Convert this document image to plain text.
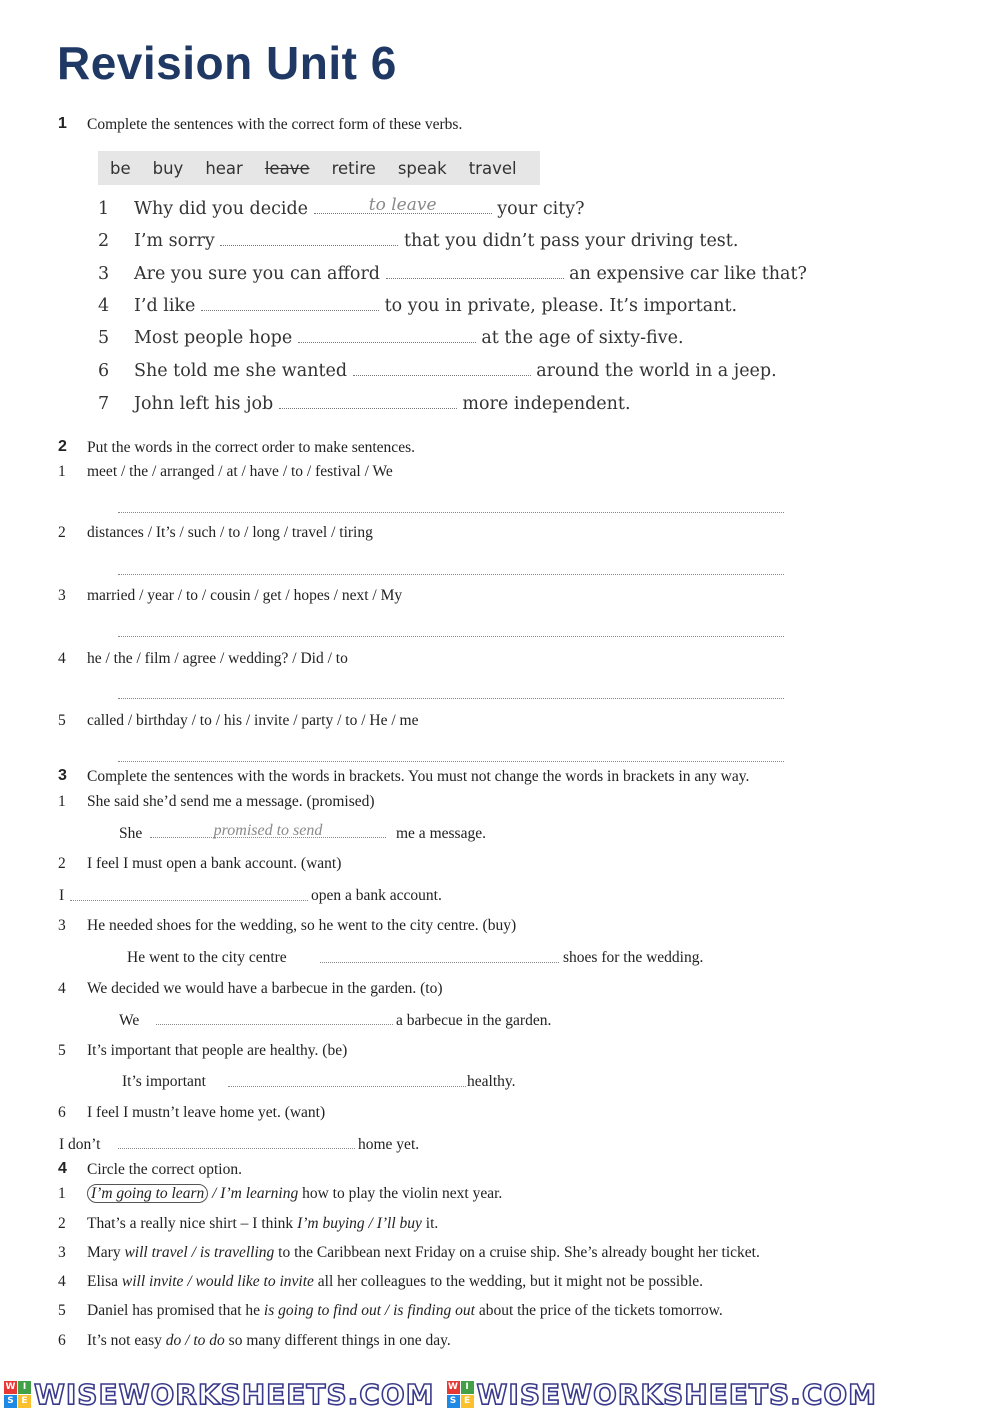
Revision Unit 6
1 Complete the sentences with the correct form of these verbs.
be buy hear leave retire speak travel
1 Why did you decide	to leave	your city?
2 I’m sorry	that you didn’t pass your driving test.
3 Are you sure you can afford	an expensive car like that?
4 I’d like	to you in private, please. It’s important.
5 Most people hope	at the age of sixty-five.
6 She told me she wanted	around the world in a jeep.
7 John left his job	more independent.
2 Put the words in the correct order to make sentences.
1 meet / the / arranged / at / have / to / festival / We
2 distances / It’s / such / to / long / travel / tiring
3 married / year / to / cousin / get / hopes / next / My
4 he / the / film / agree / wedding? / Did / to
5 called / birthday / to / his / invite / party / to / He / me
3 Complete the sentences with the words in brackets. You must not change the words in brackets in any way.
1 She said she’d send me a message. (promised)
She	promised to send	me a message.
2 I feel I must open a bank account. (want)
I	open a bank account.
3 He needed shoes for the wedding, so he went to the city centre. (buy)
He went to the city centre	shoes for the wedding.
4 We decided we would have a barbecue in the garden. (to)
We	a barbecue in the garden.
5 It’s important that people are healthy. (be)
It’s important	healthy.
6 I feel I mustn’t leave home yet. (want)
I don’t	home yet.
4 Circle the correct option.
1 I’m going to learn / I’m learning how to play the violin next year.
2 That’s a really nice shirt – I think I’m buying / I’ll buy it.
3 Mary will travel / is travelling to the Caribbean next Friday on a cruise ship. She’s already bought her ticket.
4 Elisa will invite / would like to invite all her colleagues to the wedding, but it might not be possible.
5 Daniel has promised that he is going to find out / is finding out about the price of the tickets tomorrow.
6 It’s not easy do / to do so many different things in one day.
W I
S E WISEWORKSHEETS.COM W I
S E WISEWORKSHEETS.COM
